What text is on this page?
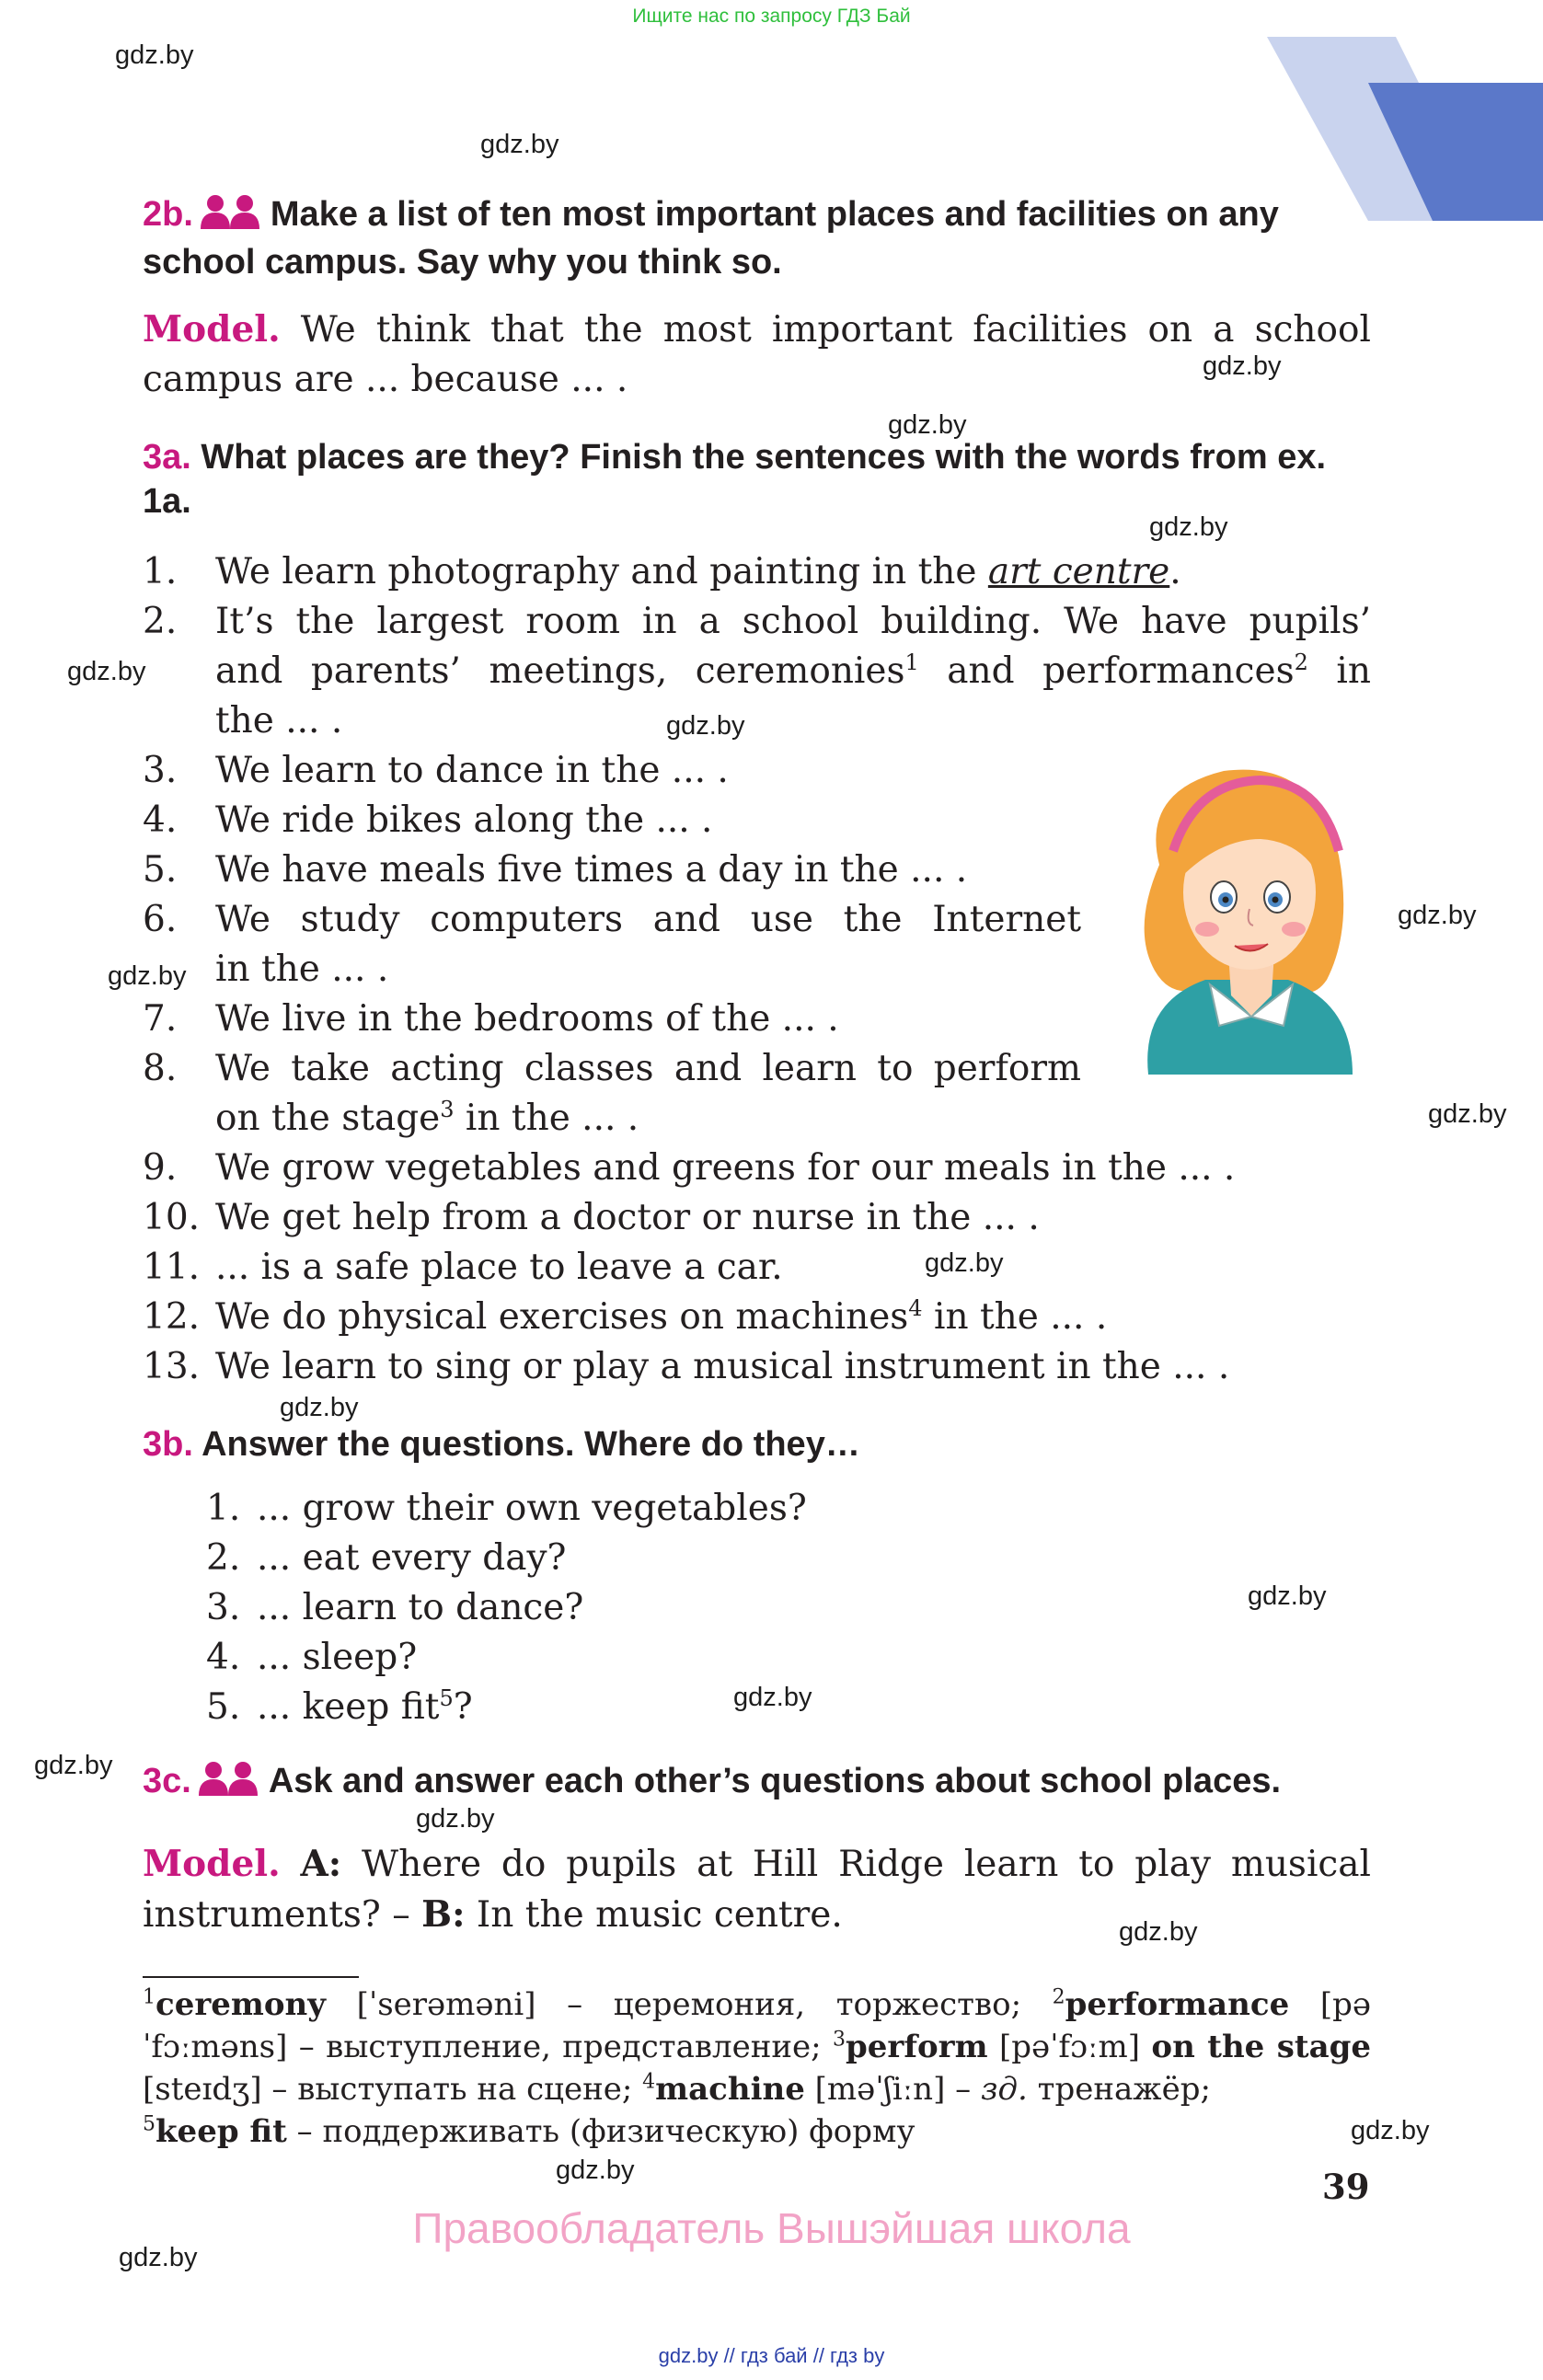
Ищите нас по запросу ГДЗ Бай
gdz.by
gdz.by
gdz.by
gdz.by
gdz.by
gdz.by
gdz.by
gdz.by
gdz.by
gdz.by
gdz.by
gdz.by
gdz.by
gdz.by
gdz.by
gdz.by
gdz.by
gdz.by
gdz.by
gdz.by
2b. Make a list of ten most important places and facilities on any school campus. Say why you think so.
Model. We think that the most important facilities on a school campus are ... because ... .
3a. What places are they? Finish the sentences with the words from ex. 1a.
1. We learn photography and painting in the art centre.
2. It’s the largest room in a school building. We have pupils’
and parents’ meetings, ceremonies$^1$ and performances$^2$ in
the ... .
3. We learn to dance in the ... .
4. We ride bikes along the ... .
5. We have meals five times a day in the ... .
6. We study computers and use the Internet
in the ... .
7. We live in the bedrooms of the ... .
8. We take acting classes and learn to perform
on the stage$^3$ in the ... .
9. We grow vegetables and greens for our meals in the ... .
10. We get help from a doctor or nurse in the ... .
11. ... is a safe place to leave a car.
12. We do physical exercises on machines$^4$ in the ... .
13. We learn to sing or play a musical instrument in the ... .
3b. Answer the questions. Where do they…
1. ... grow their own vegetables?
2. ... eat every day?
3. ... learn to dance?
4. ... sleep?
5. ... keep fit$^5$?
3c. Ask and answer each other’s questions about school places.
Model. A: Where do pupils at Hill Ridge learn to play musical instruments? – B: In the music centre.
$^1$ceremony [ˈserəməni] – церемония, торжество; $^2$performance [pəˈfɔːməns] – выступление, представление; $^3$perform [pəˈfɔːm] on the stage [steɪdʒ] – выступать на сцене; $^4$machine [məˈʃiːn] – зд. тренажёр;
$^5$keep fit – поддерживать (физическую) форму
39
Правообладатель Вышэйшая школа
gdz.by // гдз бай // гдз by
